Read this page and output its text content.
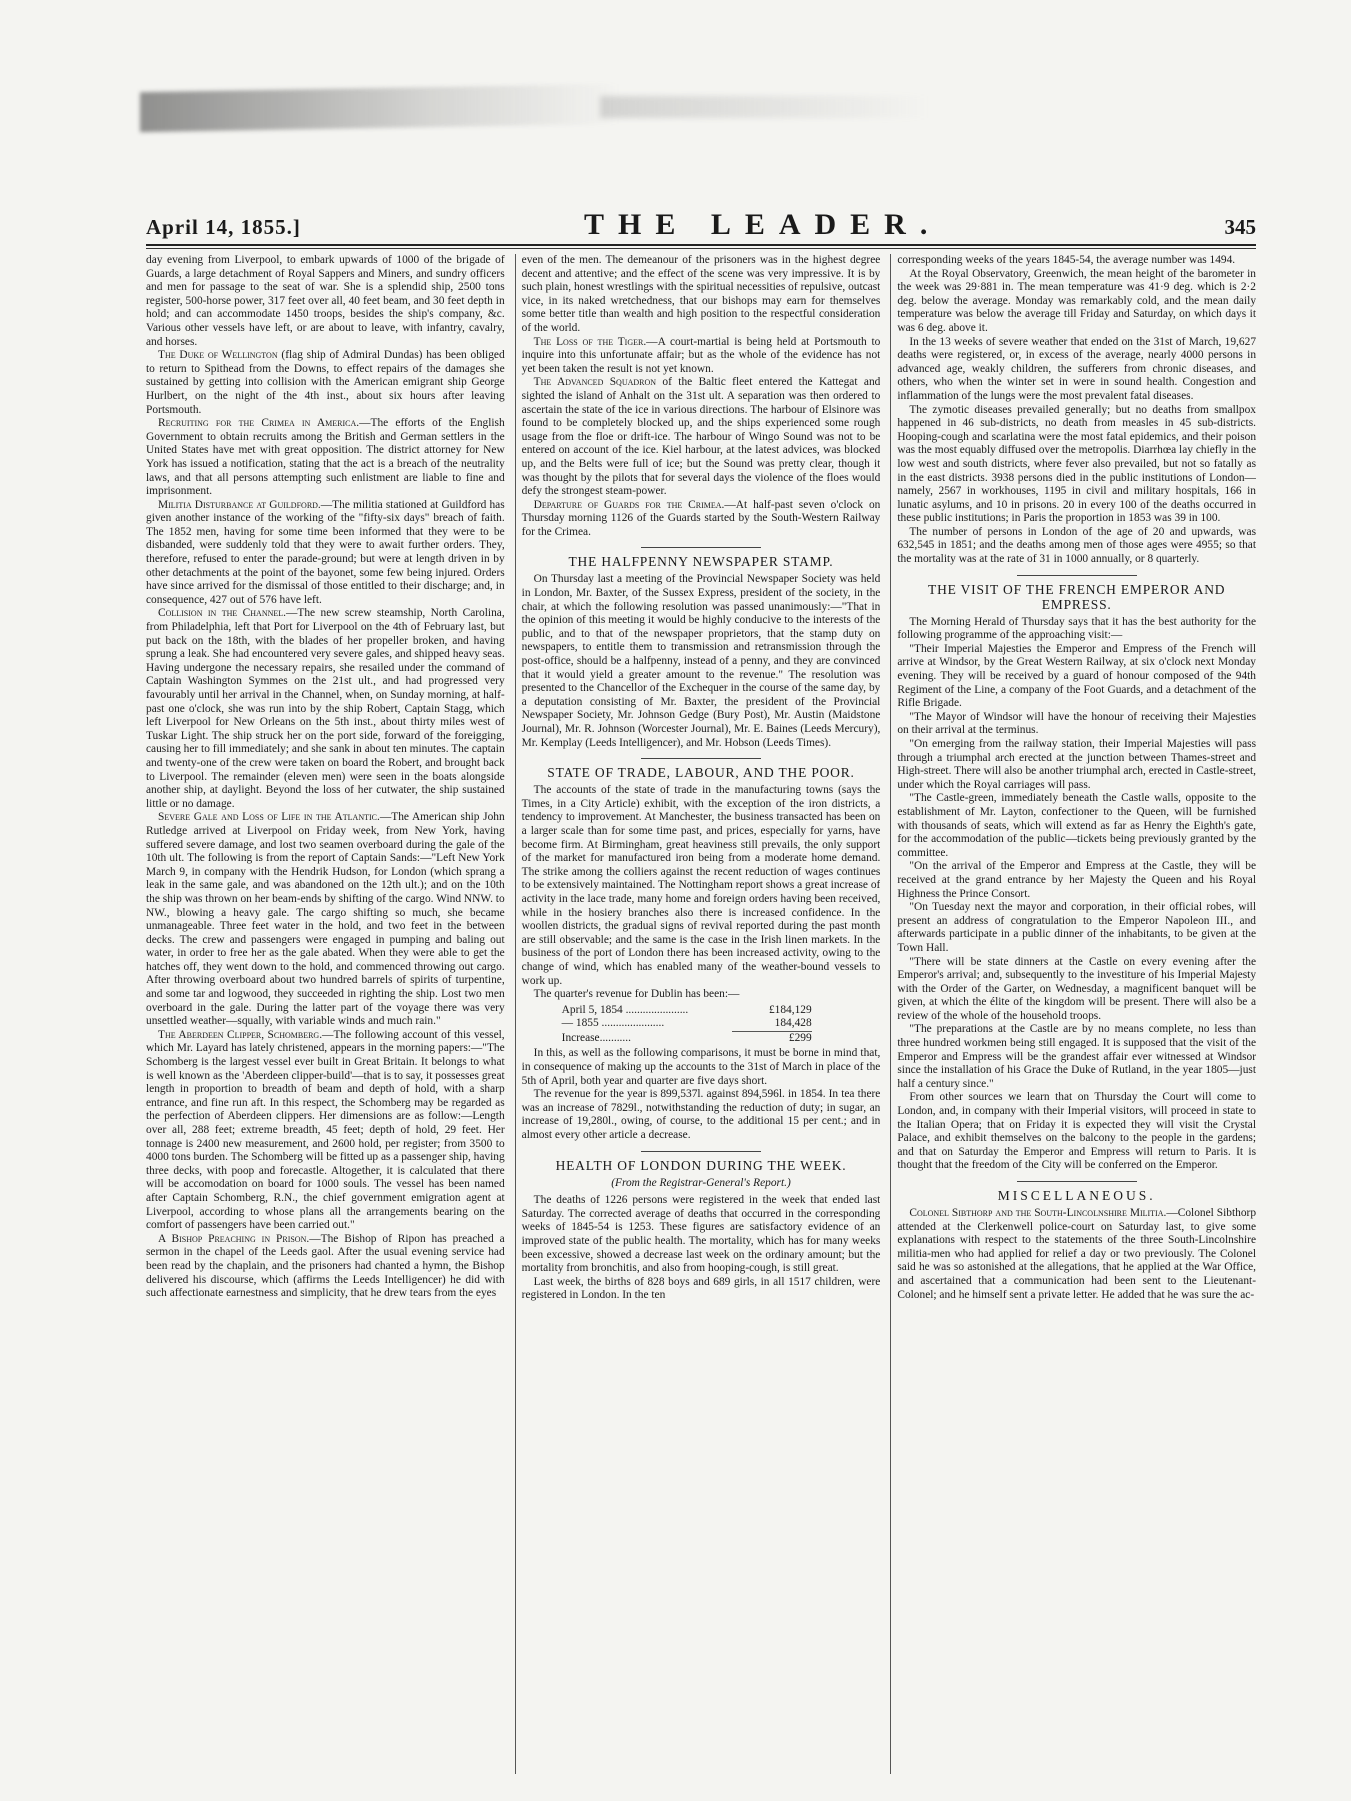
April 14, 1855.]	THE LEADER.	345

day evening from Liverpool, to embark upwards of 1000 of the brigade of Guards, a large detachment of Royal Sappers and Miners, and sundry officers and men for passage to the seat of war. She is a splendid ship, 2500 tons register, 500-horse power, 317 feet over all, 40 feet beam, and 30 feet depth in hold; and can accommodate 1450 troops, besides the ship's company, &c. Various other vessels have left, or are about to leave, with infantry, cavalry, and horses.

The Duke of Wellington (flag ship of Admiral Dundas) has been obliged to return to Spithead from the Downs, to effect repairs of the damages she sustained by getting into collision with the American emigrant ship George Hurlbert, on the night of the 4th inst., about six hours after leaving Portsmouth.

Recruiting for the Crimea in America.—The efforts of the English Government to obtain recruits among the British and German settlers in the United States have met with great opposition. The district attorney for New York has issued a notification, stating that the act is a breach of the neutrality laws, and that all persons attempting such enlistment are liable to fine and imprisonment.

Militia Disturbance at Guildford.—The militia stationed at Guildford has given another instance of the working of the "fifty-six days" breach of faith. The 1852 men, having for some time been informed that they were to be disbanded, were suddenly told that they were to await further orders. They, therefore, refused to enter the parade-ground; but were at length driven in by other detachments at the point of the bayonet, some few being injured. Orders have since arrived for the dismissal of those entitled to their discharge; and, in consequence, 427 out of 576 have left.

Collision in the Channel.—The new screw steamship, North Carolina, from Philadelphia, left that Port for Liverpool on the 4th of February last, but put back on the 18th, with the blades of her propeller broken, and having sprung a leak. She had encountered very severe gales, and shipped heavy seas. Having undergone the necessary repairs, she resailed under the command of Captain Washington Symmes on the 21st ult., and had progressed very favourably until her arrival in the Channel, when, on Sunday morning, at half-past one o'clock, she was run into by the ship Robert, Captain Stagg, which left Liverpool for New Orleans on the 5th inst., about thirty miles west of Tuskar Light. The ship struck her on the port side, forward of the foreigging, causing her to fill immediately; and she sank in about ten minutes. The captain and twenty-one of the crew were taken on board the Robert, and brought back to Liverpool. The remainder (eleven men) were seen in the boats alongside another ship, at daylight. Beyond the loss of her cutwater, the ship sustained little or no damage.

Severe Gale and Loss of Life in the Atlantic.—The American ship John Rutledge arrived at Liverpool on Friday week, from New York, having suffered severe damage, and lost two seamen overboard during the gale of the 10th ult. The following is from the report of Captain Sands:—"Left New York March 9, in company with the Hendrik Hudson, for London (which sprang a leak in the same gale, and was abandoned on the 12th ult.); and on the 10th the ship was thrown on her beam-ends by shifting of the cargo. Wind NNW. to NW., blowing a heavy gale. The cargo shifting so much, she became unmanageable. Three feet water in the hold, and two feet in the between decks. The crew and passengers were engaged in pumping and baling out water, in order to free her as the gale abated. When they were able to get the hatches off, they went down to the hold, and commenced throwing out cargo. After throwing overboard about two hundred barrels of spirits of turpentine, and some tar and logwood, they succeeded in righting the ship. Lost two men overboard in the gale. During the latter part of the voyage there was very unsettled weather—squally, with variable winds and much rain."

The Aberdeen Clipper, Schomberg.—The following account of this vessel, which Mr. Layard has lately christened, appears in the morning papers:—"The Schomberg is the largest vessel ever built in Great Britain. It belongs to what is well known as the 'Aberdeen clipper-build'—that is to say, it possesses great length in proportion to breadth of beam and depth of hold, with a sharp entrance, and fine run aft. In this respect, the Schomberg may be regarded as the perfection of Aberdeen clippers. Her dimensions are as follow:—Length over all, 288 feet; extreme breadth, 45 feet; depth of hold, 29 feet. Her tonnage is 2400 new measurement, and 2600 hold, per register; from 3500 to 4000 tons burden. The Schomberg will be fitted up as a passenger ship, having three decks, with poop and forecastle. Altogether, it is calculated that there will be accomodation on board for 1000 souls. The vessel has been named after Captain Schomberg, R.N., the chief government emigration agent at Liverpool, according to whose plans all the arrangements bearing on the comfort of passengers have been carried out."

A Bishop Preaching in Prison.—The Bishop of Ripon has preached a sermon in the chapel of the Leeds gaol. After the usual evening service had been read by the chaplain, and the prisoners had chanted a hymn, the Bishop delivered his discourse, which (affirms the Leeds Intelligencer) he did with such affectionate earnestness and simplicity, that he drew tears from the eyes

even of the men. The demeanour of the prisoners was in the highest degree decent and attentive; and the effect of the scene was very impressive. It is by such plain, honest wrestlings with the spiritual necessities of repulsive, outcast vice, in its naked wretchedness, that our bishops may earn for themselves some better title than wealth and high position to the respectful consideration of the world.

The Loss of the Tiger.—A court-martial is being held at Portsmouth to inquire into this unfortunate affair; but as the whole of the evidence has not yet been taken the result is not yet known.

The Advanced Squadron of the Baltic fleet entered the Kattegat and sighted the island of Anhalt on the 31st ult. A separation was then ordered to ascertain the state of the ice in various directions. The harbour of Elsinore was found to be completely blocked up, and the ships experienced some rough usage from the floe or drift-ice. The harbour of Wingo Sound was not to be entered on account of the ice. Kiel harbour, at the latest advices, was blocked up, and the Belts were full of ice; but the Sound was pretty clear, though it was thought by the pilots that for several days the violence of the floes would defy the strongest steam-power.

Departure of Guards for the Crimea.—At half-past seven o'clock on Thursday morning 1126 of the Guards started by the South-Western Railway for the Crimea.

THE HALFPENNY NEWSPAPER STAMP.

On Thursday last a meeting of the Provincial Newspaper Society was held in London, Mr. Baxter, of the Sussex Express, president of the society, in the chair, at which the following resolution was passed unanimously:—"That in the opinion of this meeting it would be highly conducive to the interests of the public, and to that of the newspaper proprietors, that the stamp duty on newspapers, to entitle them to transmission and retransmission through the post-office, should be a halfpenny, instead of a penny, and they are convinced that it would yield a greater amount to the revenue." The resolution was presented to the Chancellor of the Exchequer in the course of the same day, by a deputation consisting of Mr. Baxter, the president of the Provincial Newspaper Society, Mr. Johnson Gedge (Bury Post), Mr. Austin (Maidstone Journal), Mr. R. Johnson (Worcester Journal), Mr. E. Baines (Leeds Mercury), Mr. Kemplay (Leeds Intelligencer), and Mr. Hobson (Leeds Times).

STATE OF TRADE, LABOUR, AND THE POOR.

The accounts of the state of trade in the manufacturing towns (says the Times, in a City Article) exhibit, with the exception of the iron districts, a tendency to improvement. At Manchester, the business transacted has been on a larger scale than for some time past, and prices, especially for yarns, have become firm. At Birmingham, great heaviness still prevails, the only support of the market for manufactured iron being from a moderate home demand. The strike among the colliers against the recent reduction of wages continues to be extensively maintained. The Nottingham report shows a great increase of activity in the lace trade, many home and foreign orders having been received, while in the hosiery branches also there is increased confidence. In the woollen districts, the gradual signs of revival reported during the past month are still observable; and the same is the case in the Irish linen markets. In the business of the port of London there has been increased activity, owing to the change of wind, which has enabled many of the weather-bound vessels to work up.

The quarter's revenue for Dublin has been:—

April 5, 1854 ......................	£184,129
— 1855 ......................	184,428
Increase...........	£299

In this, as well as the following comparisons, it must be borne in mind that, in consequence of making up the accounts to the 31st of March in place of the 5th of April, both year and quarter are five days short.

The revenue for the year is 899,537l. against 894,596l. in 1854. In tea there was an increase of 7829l., notwithstanding the reduction of duty; in sugar, an increase of 19,280l., owing, of course, to the additional 15 per cent.; and in almost every other article a decrease.

HEALTH OF LONDON DURING THE WEEK.
(From the Registrar-General's Report.)

The deaths of 1226 persons were registered in the week that ended last Saturday. The corrected average of deaths that occurred in the corresponding weeks of 1845-54 is 1253. These figures are satisfactory evidence of an improved state of the public health. The mortality, which has for many weeks been excessive, showed a decrease last week on the ordinary amount; but the mortality from bronchitis, and also from hooping-cough, is still great.

Last week, the births of 828 boys and 689 girls, in all 1517 children, were registered in London. In the ten

corresponding weeks of the years 1845-54, the average number was 1494.

At the Royal Observatory, Greenwich, the mean height of the barometer in the week was 29·881 in. The mean temperature was 41·9 deg. which is 2·2 deg. below the average. Monday was remarkably cold, and the mean daily temperature was below the average till Friday and Saturday, on which days it was 6 deg. above it.

In the 13 weeks of severe weather that ended on the 31st of March, 19,627 deaths were registered, or, in excess of the average, nearly 4000 persons in advanced age, weakly children, the sufferers from chronic diseases, and others, who when the winter set in were in sound health. Congestion and inflammation of the lungs were the most prevalent fatal diseases.

The zymotic diseases prevailed generally; but no deaths from smallpox happened in 46 sub-districts, no death from measles in 45 sub-districts. Hooping-cough and scarlatina were the most fatal epidemics, and their poison was the most equably diffused over the metropolis. Diarrhœa lay chiefly in the low west and south districts, where fever also prevailed, but not so fatally as in the east districts. 3938 persons died in the public institutions of London—namely, 2567 in workhouses, 1195 in civil and military hospitals, 166 in lunatic asylums, and 10 in prisons. 20 in every 100 of the deaths occurred in these public institutions; in Paris the proportion in 1853 was 39 in 100.

The number of persons in London of the age of 20 and upwards, was 632,545 in 1851; and the deaths among men of those ages were 4955; so that the mortality was at the rate of 31 in 1000 annually, or 8 quarterly.

THE VISIT OF THE FRENCH EMPEROR AND EMPRESS.

The Morning Herald of Thursday says that it has the best authority for the following programme of the approaching visit:—

"Their Imperial Majesties the Emperor and Empress of the French will arrive at Windsor, by the Great Western Railway, at six o'clock next Monday evening. They will be received by a guard of honour composed of the 94th Regiment of the Line, a company of the Foot Guards, and a detachment of the Rifle Brigade.

"The Mayor of Windsor will have the honour of receiving their Majesties on their arrival at the terminus.

"On emerging from the railway station, their Imperial Majesties will pass through a triumphal arch erected at the junction between Thames-street and High-street. There will also be another triumphal arch, erected in Castle-street, under which the Royal carriages will pass.

"The Castle-green, immediately beneath the Castle walls, opposite to the establishment of Mr. Layton, confectioner to the Queen, will be furnished with thousands of seats, which will extend as far as Henry the Eighth's gate, for the accommodation of the public—tickets being previously granted by the committee.

"On the arrival of the Emperor and Empress at the Castle, they will be received at the grand entrance by her Majesty the Queen and his Royal Highness the Prince Consort.

"On Tuesday next the mayor and corporation, in their official robes, will present an address of congratulation to the Emperor Napoleon III., and afterwards participate in a public dinner of the inhabitants, to be given at the Town Hall.

"There will be state dinners at the Castle on every evening after the Emperor's arrival; and, subsequently to the investiture of his Imperial Majesty with the Order of the Garter, on Wednesday, a magnificent banquet will be given, at which the élite of the kingdom will be present. There will also be a review of the whole of the household troops.

"The preparations at the Castle are by no means complete, no less than three hundred workmen being still engaged. It is supposed that the visit of the Emperor and Empress will be the grandest affair ever witnessed at Windsor since the installation of his Grace the Duke of Rutland, in the year 1805—just half a century since."

From other sources we learn that on Thursday the Court will come to London, and, in company with their Imperial visitors, will proceed in state to the Italian Opera; that on Friday it is expected they will visit the Crystal Palace, and exhibit themselves on the balcony to the people in the gardens; and that on Saturday the Emperor and Empress will return to Paris. It is thought that the freedom of the City will be conferred on the Emperor.

MISCELLANEOUS.

Colonel Sibthorp and the South-Lincolnshire Militia.—Colonel Sibthorp attended at the Clerkenwell police-court on Saturday last, to give some explanations with respect to the statements of the three South-Lincolnshire militia-men who had applied for relief a day or two previously. The Colonel said he was so astonished at the allegations, that he applied at the War Office, and ascertained that a communication had been sent to the Lieutenant-Colonel; and he himself sent a private letter. He added that he was sure the ac-
